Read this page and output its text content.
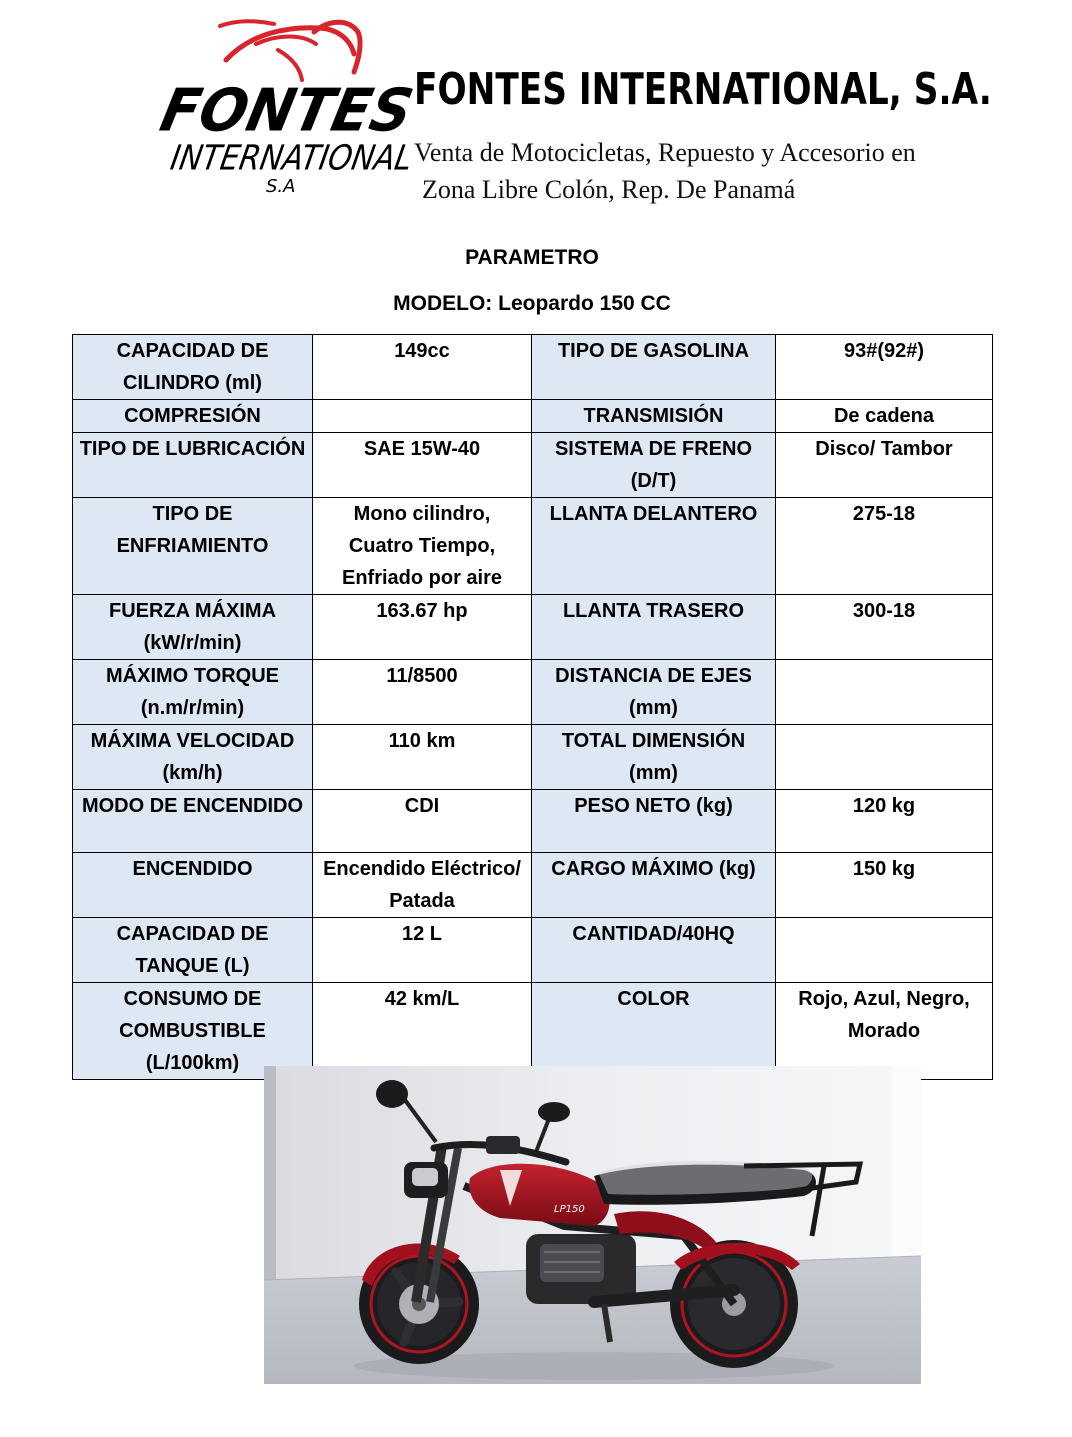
FONTES
INTERNATIONAL
S.A
FONTES INTERNATIONAL, S.A.
Venta de Motocicletas, Repuesto y Accesorio en
Zona Libre Colón, Rep. De Panamá
PARAMETRO
MODELO: Leopardo 150 CC
CAPACIDAD DE CILINDRO (ml)	149cc	TIPO DE GASOLINA	93#(92#)
COMPRESIÓN		TRANSMISIÓN	De cadena
TIPO DE LUBRICACIÓN	SAE 15W-40	SISTEMA DE FRENO (D/T)	Disco/ Tambor
TIPO DE ENFRIAMIENTO	Mono cilindro, Cuatro Tiempo, Enfriado por aire	LLANTA DELANTERO	275-18
FUERZA MÁXIMA (kW/r/min)	163.67 hp	LLANTA TRASERO	300-18
MÁXIMO TORQUE (n.m/r/min)	11/8500	DISTANCIA DE EJES (mm)	
MÁXIMA VELOCIDAD (km/h)	110 km	TOTAL DIMENSIÓN (mm)	
MODO DE ENCENDIDO	CDI	PESO NETO (kg)	120 kg
ENCENDIDO	Encendido Eléctrico/ Patada	CARGO MÁXIMO (kg)	150 kg
CAPACIDAD DE TANQUE (L)	12 L	CANTIDAD/40HQ	
CONSUMO DE COMBUSTIBLE (L/100km)	42 km/L	COLOR	Rojo, Azul, Negro, Morado
LP150
